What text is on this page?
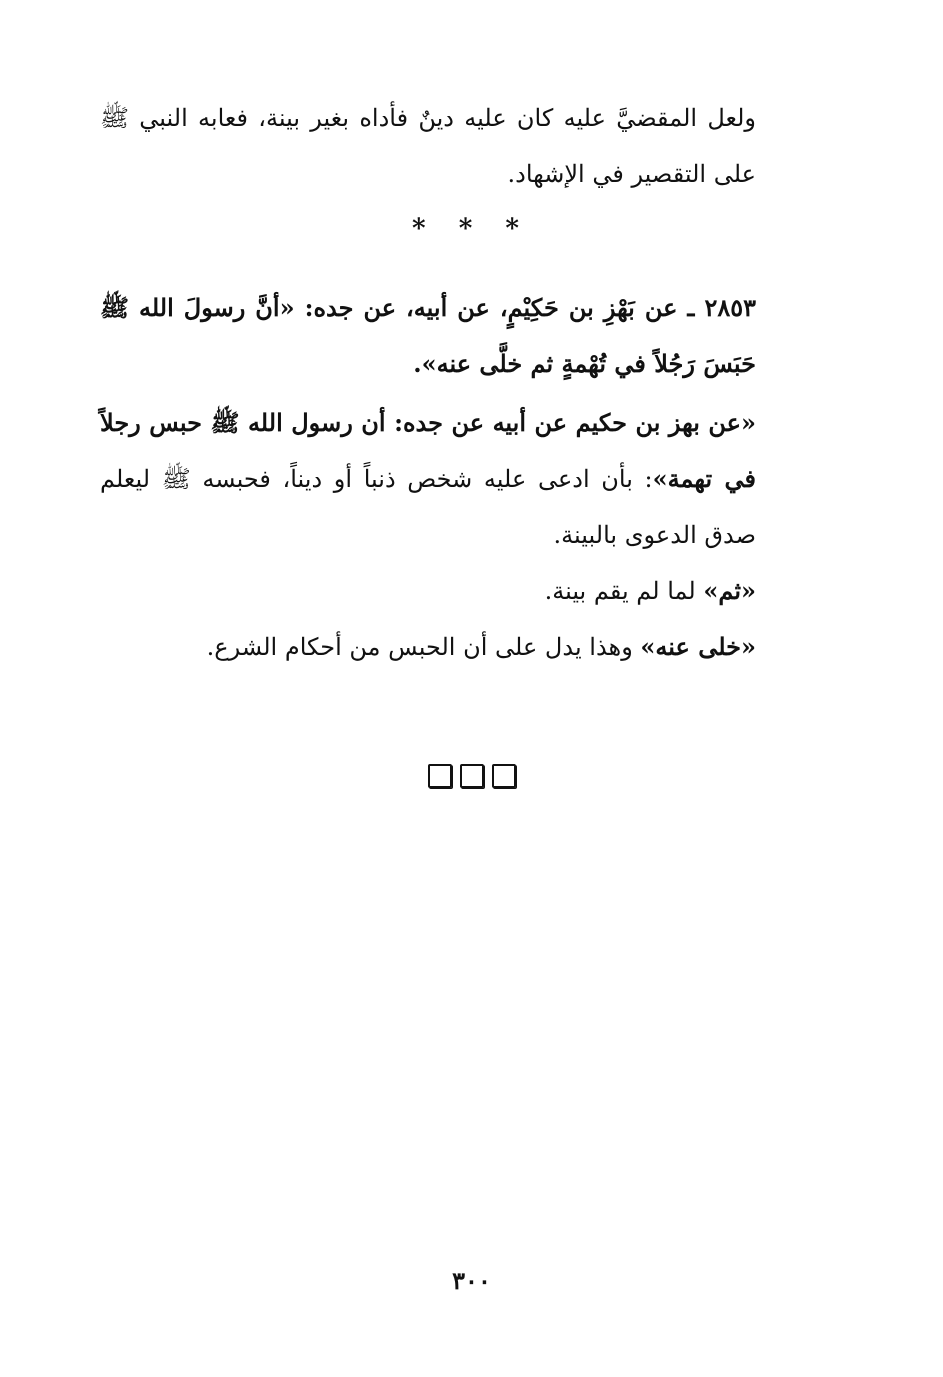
ولعل المقضيَّ عليه كان عليه دينٌ فأداه بغير بينة، فعابه النبي ﷺ على التقصير في الإشهاد.
* * *
٢٨٥٣ ـ عن بَهْزِ بن حَكِيْمٍ، عن أبيه، عن جده: «أنَّ رسولَ الله ﷺ حَبَسَ رَجُلاً في تُهْمةٍ ثم خلَّى عنه».
«عن بهز بن حكيم عن أبيه عن جده: أن رسول الله ﷺ حبس رجلاً في تهمة»: بأن ادعى عليه شخص ذنباً أو ديناً، فحبسه ﷺ ليعلم صدق الدعوى بالبينة.
«ثم» لما لم يقم بينة.
«خلى عنه» وهذا يدل على أن الحبس من أحكام الشرع.
٣٠٠
